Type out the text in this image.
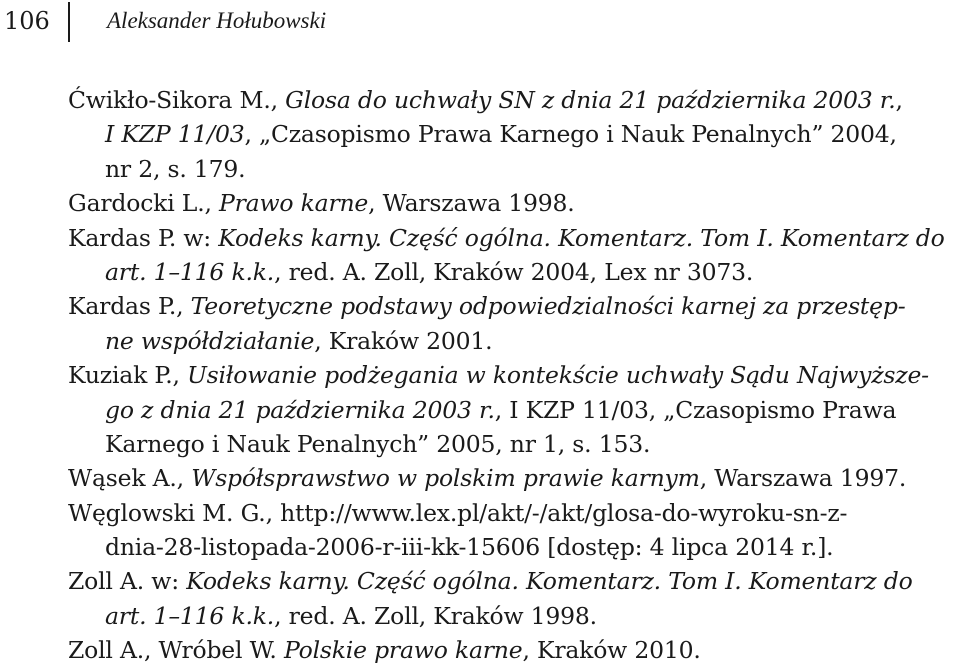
106 Aleksander Hołubowski
Ćwikło-Sikora M., Glosa do uchwały SN z dnia 21 października 2003 r.,
I KZP 11/03, „Czasopismo Prawa Karnego i Nauk Penalnych” 2004,
nr 2, s. 179.
Gardocki L., Prawo karne, Warszawa 1998.
Kardas P. w: Kodeks karny. Część ogólna. Komentarz. Tom I. Komentarz do
art. 1–116 k.k., red. A. Zoll, Kraków 2004, Lex nr 3073.
Kardas P., Teoretyczne podstawy odpowiedzialności karnej za przestęp-
ne współdziałanie, Kraków 2001.
Kuziak P., Usiłowanie podżegania w kontekście uchwały Sądu Najwyższe-
go z dnia 21 października 2003 r., I KZP 11/03, „Czasopismo Prawa
Karnego i Nauk Penalnych” 2005, nr 1, s. 153.
Wąsek A., Współsprawstwo w polskim prawie karnym, Warszawa 1997.
Węglowski M. G., http://www.lex.pl/akt/-/akt/glosa-do-wyroku-sn-z-
dnia-28-listopada-2006-r-iii-kk-15606 [dostęp: 4 lipca 2014 r.].
Zoll A. w: Kodeks karny. Część ogólna. Komentarz. Tom I. Komentarz do
art. 1–116 k.k., red. A. Zoll, Kraków 1998.
Zoll A., Wróbel W. Polskie prawo karne, Kraków 2010.
